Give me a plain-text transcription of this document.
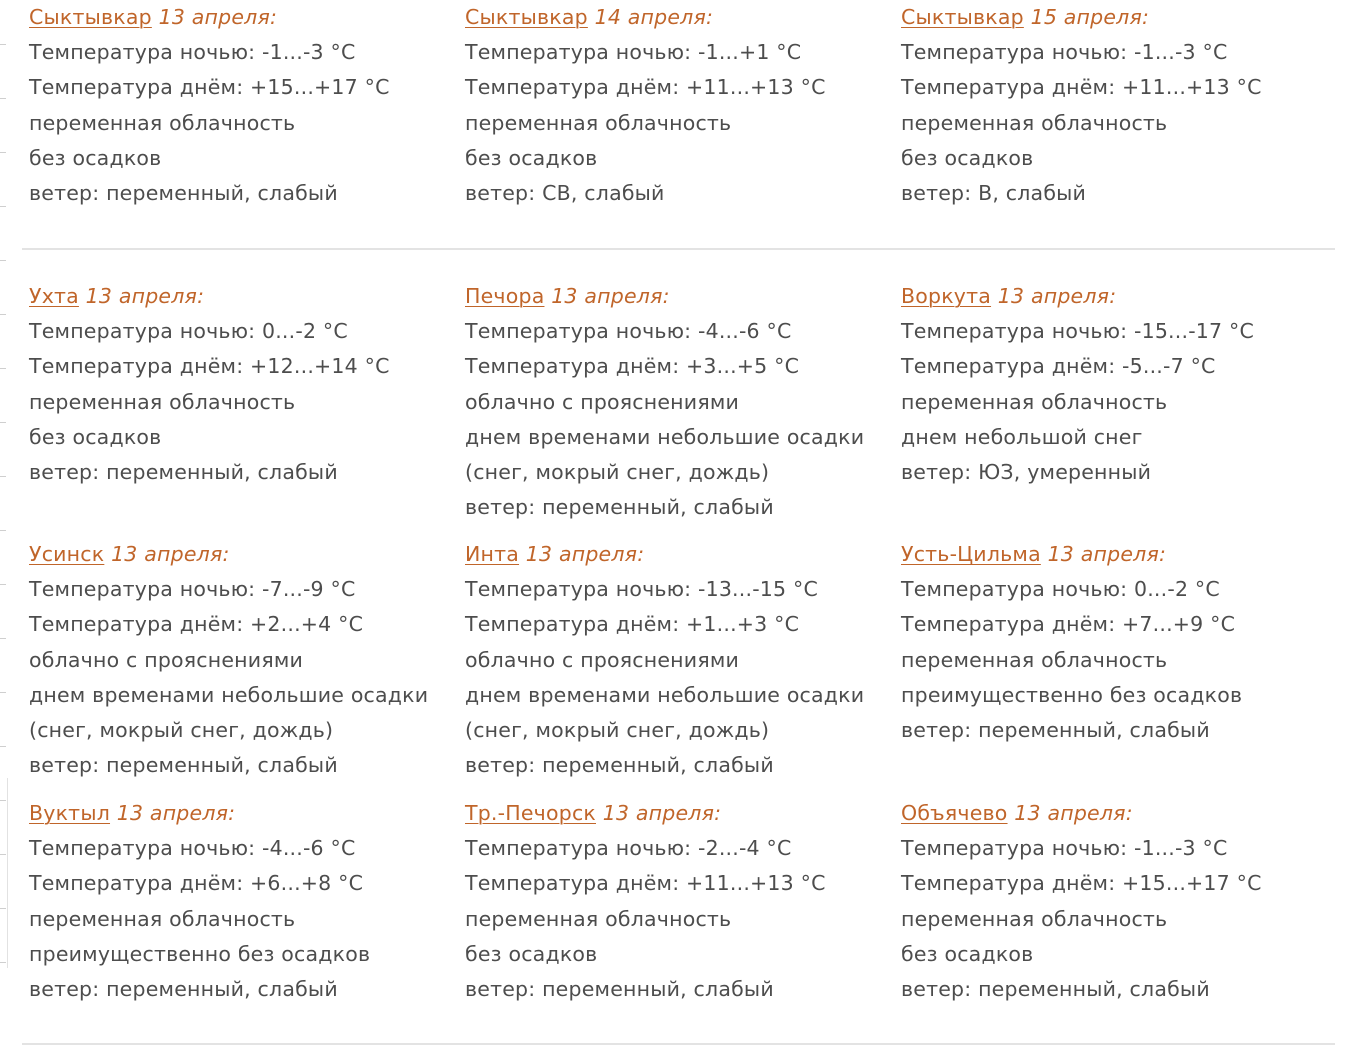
Сыктывкар 13 апреля:
Температура ночью: -1...-3 °С
Температура днём: +15...+17 °С
переменная облачность
без осадков
ветер: переменный, слабый
Сыктывкар 14 апреля:
Температура ночью: -1...+1 °С
Температура днём: +11...+13 °С
переменная облачность
без осадков
ветер: СВ, слабый
Сыктывкар 15 апреля:
Температура ночью: -1...-3 °С
Температура днём: +11...+13 °С
переменная облачность
без осадков
ветер: В, слабый
Ухта 13 апреля:
Температура ночью: 0...-2 °С
Температура днём: +12...+14 °С
переменная облачность
без осадков
ветер: переменный, слабый
Печора 13 апреля:
Температура ночью: -4...-6 °С
Температура днём: +3...+5 °С
облачно с прояснениями
днем временами небольшие осадки
(снег, мокрый снег, дождь)
ветер: переменный, слабый
Воркута 13 апреля:
Температура ночью: -15...-17 °С
Температура днём: -5...-7 °С
переменная облачность
днем небольшой снег
ветер: ЮЗ, умеренный
Усинск 13 апреля:
Температура ночью: -7...-9 °С
Температура днём: +2...+4 °С
облачно с прояснениями
днем временами небольшие осадки
(снег, мокрый снег, дождь)
ветер: переменный, слабый
Инта 13 апреля:
Температура ночью: -13...-15 °С
Температура днём: +1...+3 °С
облачно с прояснениями
днем временами небольшие осадки
(снег, мокрый снег, дождь)
ветер: переменный, слабый
Усть-Цильма 13 апреля:
Температура ночью: 0...-2 °С
Температура днём: +7...+9 °С
переменная облачность
преимущественно без осадков
ветер: переменный, слабый
Вуктыл 13 апреля:
Температура ночью: -4...-6 °С
Температура днём: +6...+8 °С
переменная облачность
преимущественно без осадков
ветер: переменный, слабый
Тр.-Печорск 13 апреля:
Температура ночью: -2...-4 °С
Температура днём: +11...+13 °С
переменная облачность
без осадков
ветер: переменный, слабый
Объячево 13 апреля:
Температура ночью: -1...-3 °С
Температура днём: +15...+17 °С
переменная облачность
без осадков
ветер: переменный, слабый
